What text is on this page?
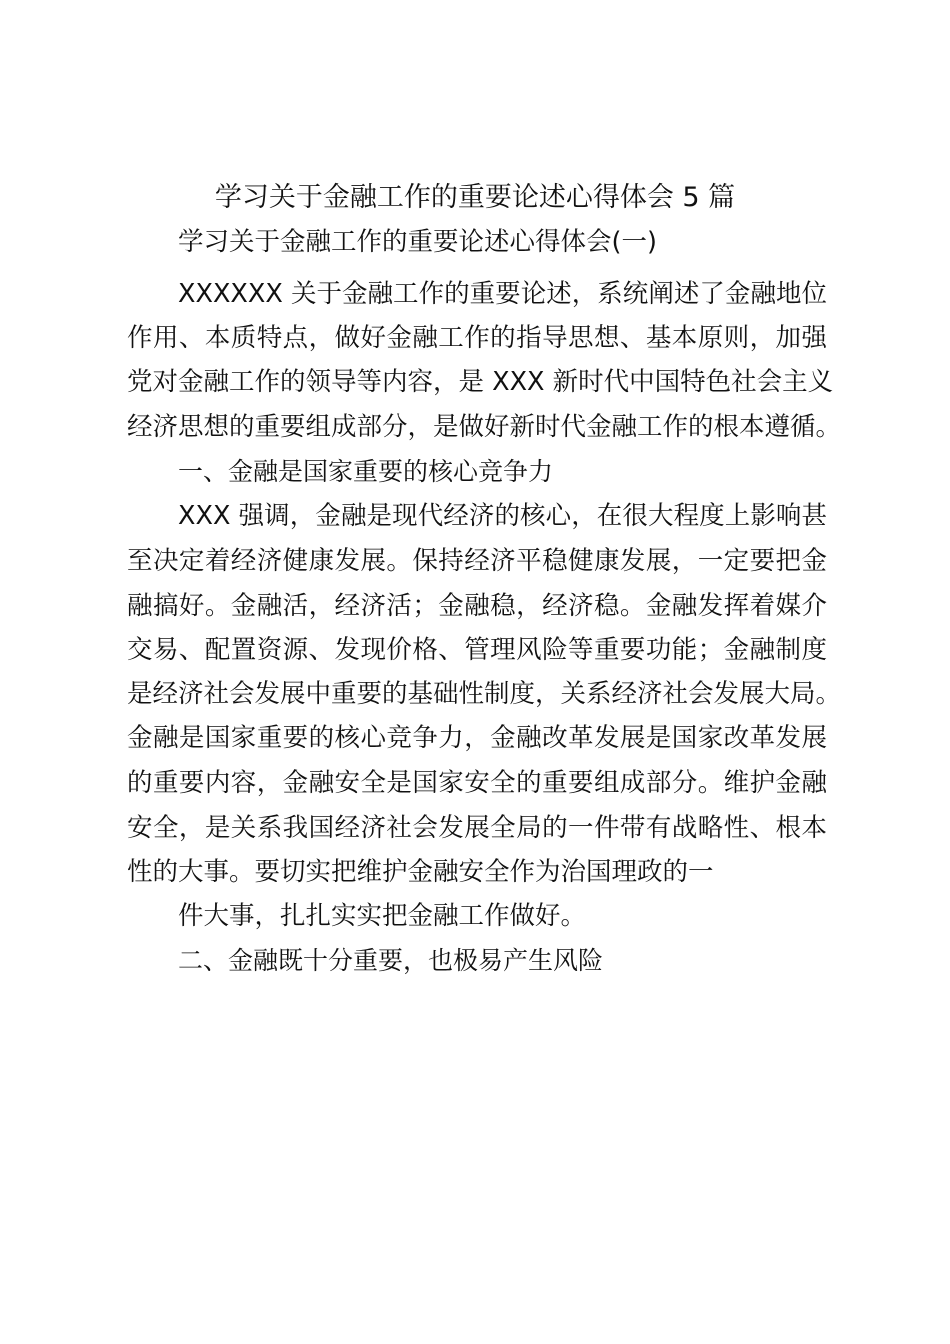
学习关于金融工作的重要论述心得体会 5 篇
学习关于金融工作的重要论述心得体会(一)
XXXXXX 关于金融工作的重要论述，系统阐述了金融地位
作用、本质特点，做好金融工作的指导思想、基本原则，加强
党对金融工作的领导等内容，是 XXX 新时代中国特色社会主义
经济思想的重要组成部分，是做好新时代金融工作的根本遵循。
一、金融是国家重要的核心竞争力
XXX 强调，金融是现代经济的核心，在很大程度上影响甚
至决定着经济健康发展。保持经济平稳健康发展，一定要把金
融搞好。金融活，经济活；金融稳，经济稳。金融发挥着媒介
交易、配置资源、发现价格、管理风险等重要功能；金融制度
是经济社会发展中重要的基础性制度，关系经济社会发展大局。
金融是国家重要的核心竞争力，金融改革发展是国家改革发展
的重要内容，金融安全是国家安全的重要组成部分。维护金融
安全，是关系我国经济社会发展全局的一件带有战略性、根本
性的大事。要切实把维护金融安全作为治国理政的一
件大事，扎扎实实把金融工作做好。
二、金融既十分重要，也极易产生风险
